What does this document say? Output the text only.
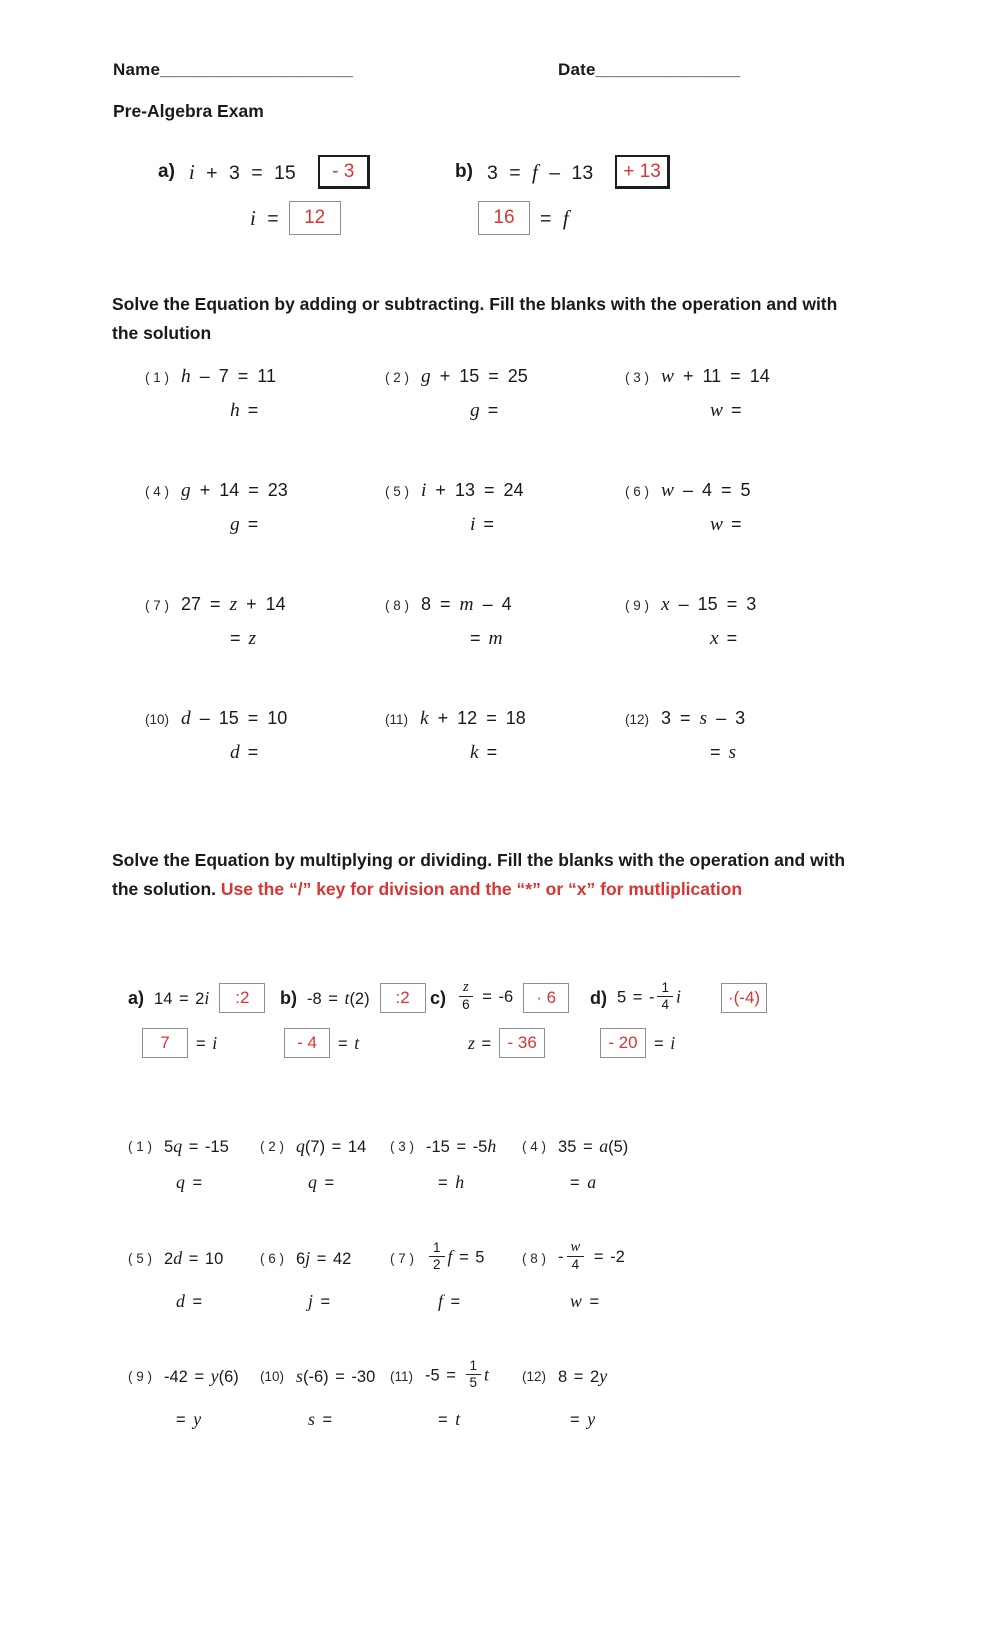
Name____________________	Date_______________
Pre-Algebra Exam
a) i + 3 = 15	- 3
i =	12
b) 3 = f – 13	+ 13
16	= f
Solve the Equation by adding or subtracting. Fill the blanks with the operation and with the solution
( 1 ) h – 7 = 11
h =
( 2 ) g + 15 = 25
g =
( 3 ) w + 11 = 14
w =
( 4 ) g + 14 = 23
g =
( 5 ) i + 13 = 24
i =
( 6 ) w – 4 = 5
w =
( 7 ) 27 = z + 14
= z
( 8 ) 8 = m – 4
= m
( 9 ) x – 15 = 3
x =
(10) d – 15 = 10
d =
(11) k + 12 = 18
k =
(12) 3 = s – 3
= s
Solve the Equation by multiplying or dividing. Fill the blanks with the operation and with the solution. Use the “/” key for division and the “*” or “x” for mutliplication
a) 14 = 2i	:2
7	= i
b) -8 = t(2)	:2
- 4	= t
$c) \frac{z}{6} = -6$	· 6
z = - 36
d) 5 = - $\frac{1}{4}$ i	·(-4)
- 20 = i
( 1 ) 5q = -15
q =
( 2 ) q(7) = 14
q =
( 3 ) -15 = -5h
= h
( 4 ) 35 = a(5)
= a
( 5 ) 2d = 10
d =
( 6 ) 6j = 42
j =
( 7 ) $\frac{1}{2}$ f = 5
f =
( 8 ) - $\frac{w}{4} = -2$
w =
( 9 ) -42 = y(6)
= y
(10) s(-6) = -30
s =
(11) $-5 = \frac{1}{5}$ t
= t
(12) 8 = 2y
= y
